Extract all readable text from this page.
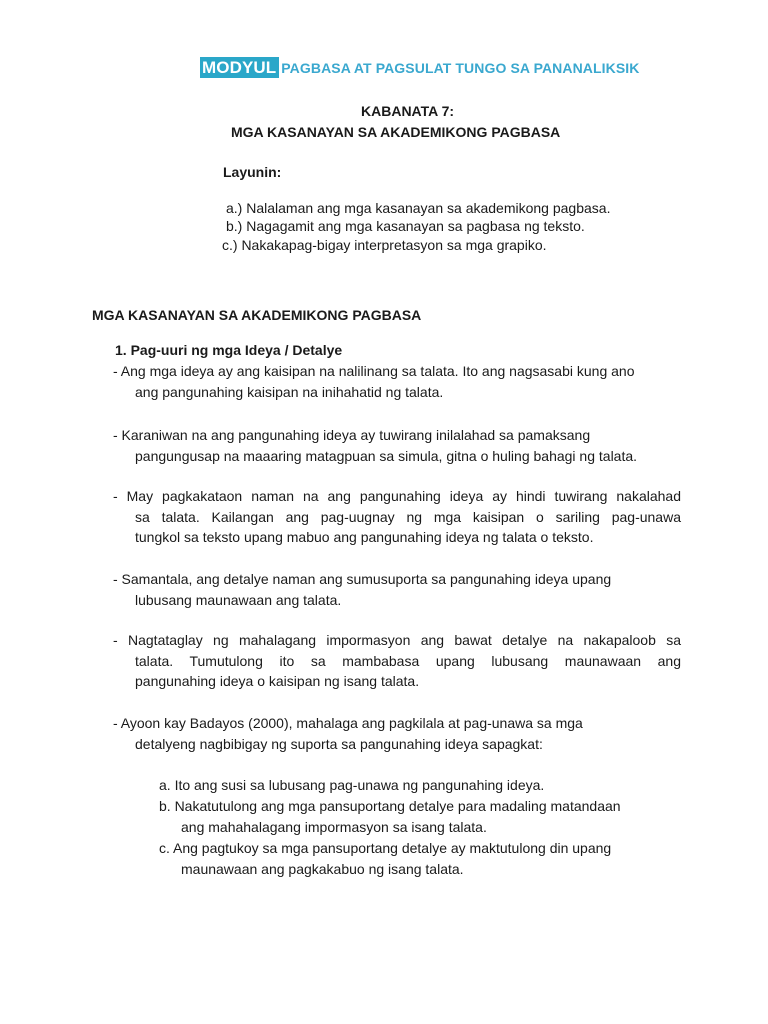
MODYUL PAGBASA AT PAGSULAT TUNGO SA PANANALIKSIK
KABANATA 7:
MGA KASANAYAN SA AKADEMIKONG PAGBASA
Layunin:
a.) Nalalaman ang mga kasanayan sa akademikong pagbasa.
b.) Nagagamit ang mga kasanayan sa pagbasa ng teksto.
c.) Nakakapag-bigay interpretasyon sa mga grapiko.
MGA KASANAYAN SA AKADEMIKONG PAGBASA
1. Pag-uuri ng mga Ideya / Detalye
- Ang mga ideya ay ang kaisipan na nalilinang sa talata. Ito ang nagsasabi kung ano
ang pangunahing kaisipan na inihahatid ng talata.
- Karaniwan na ang pangunahing ideya ay tuwirang inilalahad sa pamaksang
pangungusap na maaaring matagpuan sa simula, gitna o huling bahagi ng talata.
- May pagkakataon naman na ang pangunahing ideya ay hindi tuwirang nakalahad
sa talata. Kailangan ang pag-uugnay ng mga kaisipan o sariling pag-unawa
tungkol sa teksto upang mabuo ang pangunahing ideya ng talata o teksto.
- Samantala, ang detalye naman ang sumusuporta sa pangunahing ideya upang
lubusang maunawaan ang talata.
- Nagtataglay ng mahalagang impormasyon ang bawat detalye na nakapaloob sa
talata. Tumutulong ito sa mambabasa upang lubusang maunawaan ang
pangunahing ideya o kaisipan ng isang talata.
- Ayoon kay Badayos (2000), mahalaga ang pagkilala at pag-unawa sa mga
detalyeng nagbibigay ng suporta sa pangunahing ideya sapagkat:
a. Ito ang susi sa lubusang pag-unawa ng pangunahing ideya.
b. Nakatutulong ang mga pansuportang detalye para madaling matandaan
ang mahahalagang impormasyon sa isang talata.
c. Ang pagtukoy sa mga pansuportang detalye ay maktutulong din upang
maunawaan ang pagkakabuo ng isang talata.
